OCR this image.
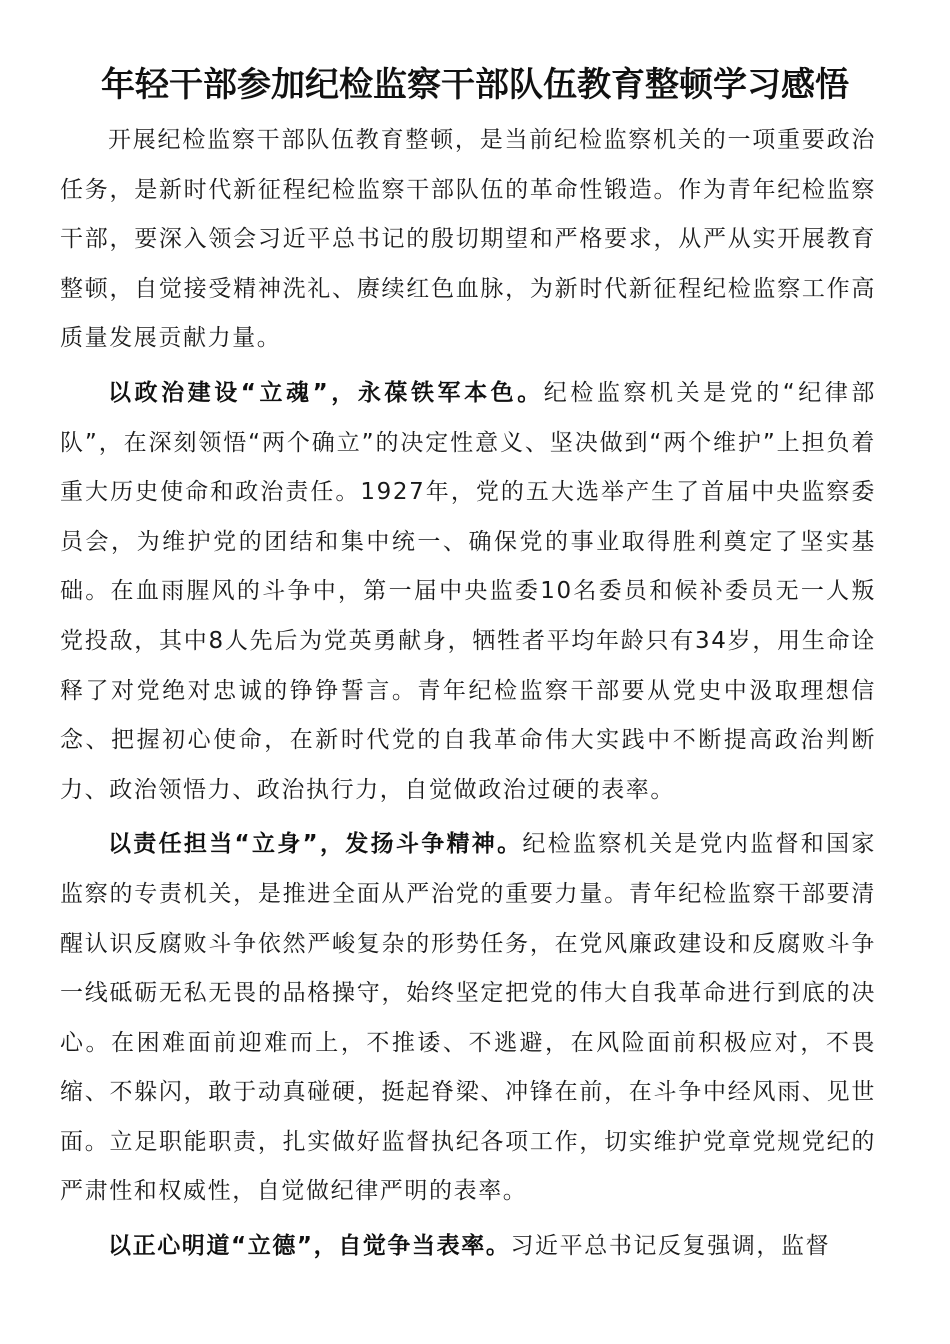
年轻干部参加纪检监察干部队伍教育整顿学习感悟

开展纪检监察干部队伍教育整顿，是当前纪检监察机关的一项重要政治任务，是新时代新征程纪检监察干部队伍的革命性锻造。作为青年纪检监察干部，要深入领会习近平总书记的殷切期望和严格要求，从严从实开展教育整顿，自觉接受精神洗礼、赓续红色血脉，为新时代新征程纪检监察工作高质量发展贡献力量。

以政治建设“立魂”，永葆铁军本色。纪检监察机关是党的“纪律部队”，在深刻领悟“两个确立”的决定性意义、坚决做到“两个维护”上担负着重大历史使命和政治责任。1927年，党的五大选举产生了首届中央监察委员会，为维护党的团结和集中统一、确保党的事业取得胜利奠定了坚实基础。在血雨腥风的斗争中，第一届中央监委10名委员和候补委员无一人叛党投敌，其中8人先后为党英勇献身，牺牲者平均年龄只有34岁，用生命诠释了对党绝对忠诚的铮铮誓言。青年纪检监察干部要从党史中汲取理想信念、把握初心使命，在新时代党的自我革命伟大实践中不断提高政治判断力、政治领悟力、政治执行力，自觉做政治过硬的表率。

以责任担当“立身”，发扬斗争精神。纪检监察机关是党内监督和国家监察的专责机关，是推进全面从严治党的重要力量。青年纪检监察干部要清醒认识反腐败斗争依然严峻复杂的形势任务，在党风廉政建设和反腐败斗争一线砥砺无私无畏的品格操守，始终坚定把党的伟大自我革命进行到底的决心。在困难面前迎难而上，不推诿、不逃避，在风险面前积极应对，不畏缩、不躲闪，敢于动真碰硬，挺起脊梁、冲锋在前，在斗争中经风雨、见世面。立足职能职责，扎实做好监督执纪各项工作，切实维护党章党规党纪的严肃性和权威性，自觉做纪律严明的表率。

以正心明道“立德”，自觉争当表率。习近平总书记反复强调，监督
